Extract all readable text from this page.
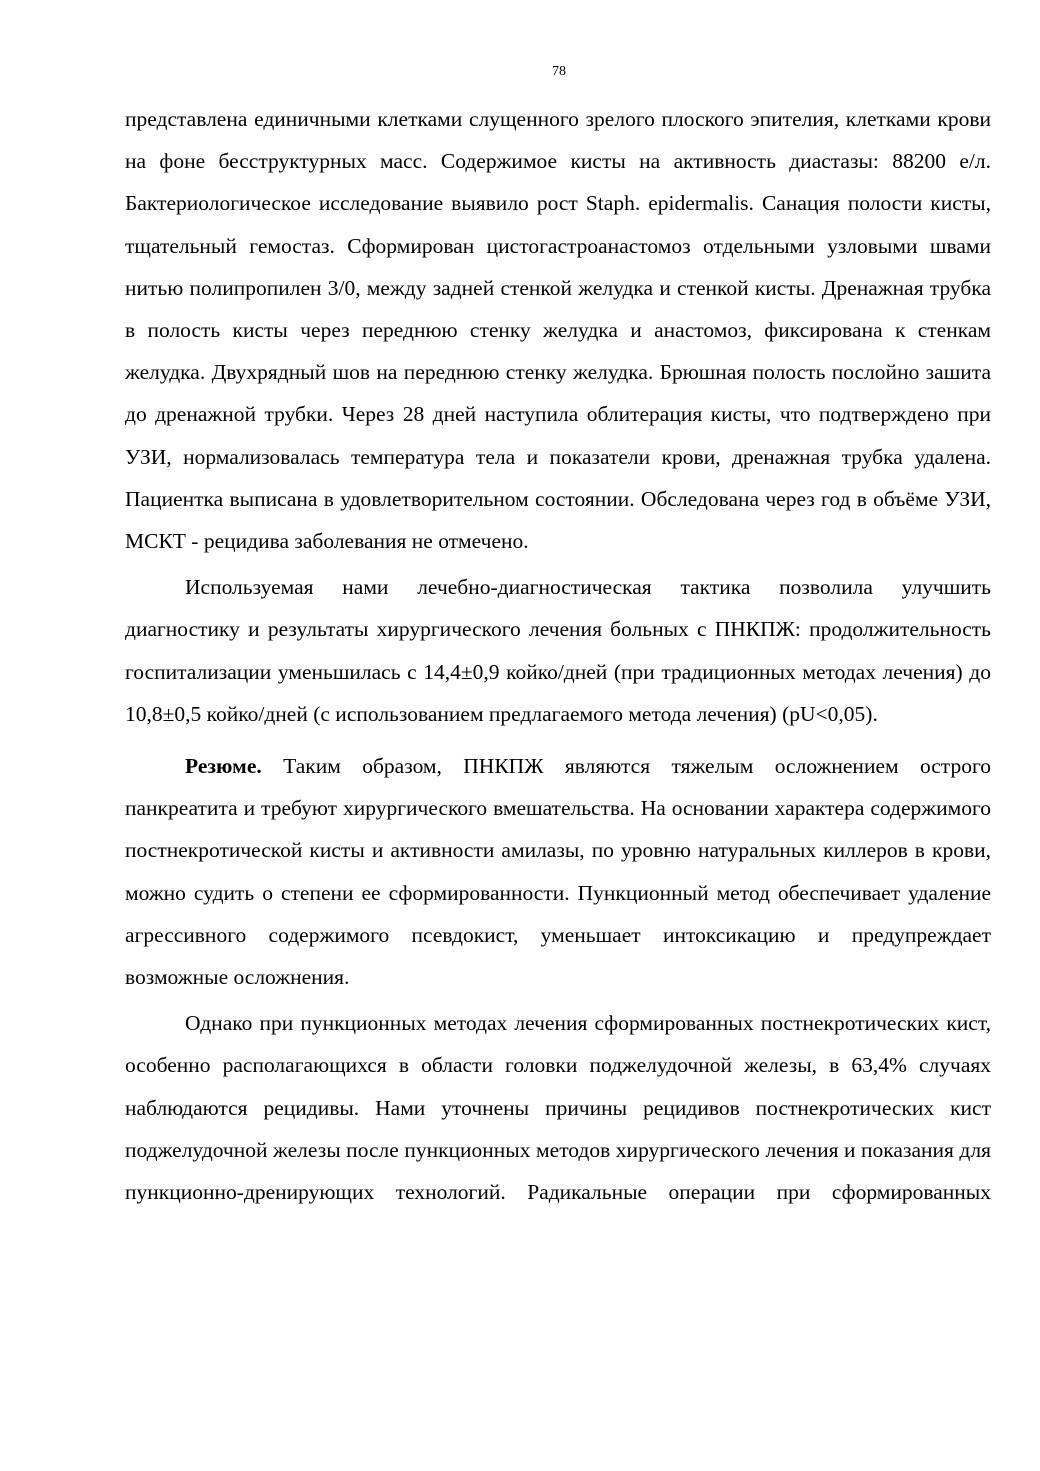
78

представлена единичными клетками слущенного зрелого плоского эпителия, клетками крови на фоне бесструктурных масс. Содержимое кисты на активность диастазы: 88200 е/л. Бактериологическое исследование выявило рост Staph. epidermalis. Санация полости кисты, тщательный гемостаз. Сформирован цистогастроанастомоз отдельными узловыми швами нитью полипропилен 3/0, между задней стенкой желудка и стенкой кисты. Дренажная трубка в полость кисты через переднюю стенку желудка и анастомоз, фиксирована к стенкам желудка. Двухрядный шов на переднюю стенку желудка. Брюшная полость послойно зашита до дренажной трубки. Через 28 дней наступила облитерация кисты, что подтверждено при УЗИ, нормализовалась температура тела и показатели крови, дренажная трубка удалена. Пациентка выписана в удовлетворительном состоянии. Обследована через год в объёме УЗИ, МСКТ - рецидива заболевания не отмечено.

Используемая нами лечебно-диагностическая тактика позволила улучшить диагностику и результаты хирургического лечения больных с ПНКПЖ: продолжительность госпитализации уменьшилась с 14,4±0,9 койко/дней (при традиционных методах лечения) до 10,8±0,5 койко/дней (с использованием предлагаемого метода лечения) (pU<0,05).

Резюме. Таким образом, ПНКПЖ являются тяжелым осложнением острого панкреатита и требуют хирургического вмешательства. На основании характера содержимого постнекротической кисты и активности амилазы, по уровню натуральных киллеров в крови, можно судить о степени ее сформированности. Пункционный метод обеспечивает удаление агрессивного содержимого псевдокист, уменьшает интоксикацию и предупреждает возможные осложнения.

Однако при пункционных методах лечения сформированных постнекротических кист, особенно располагающихся в области головки поджелудочной железы, в 63,4% случаях наблюдаются рецидивы. Нами уточнены причины рецидивов постнекротических кист поджелудочной железы после пункционных методов хирургического лечения и показания для пункционно-дренирующих технологий. Радикальные операции при сформированных
